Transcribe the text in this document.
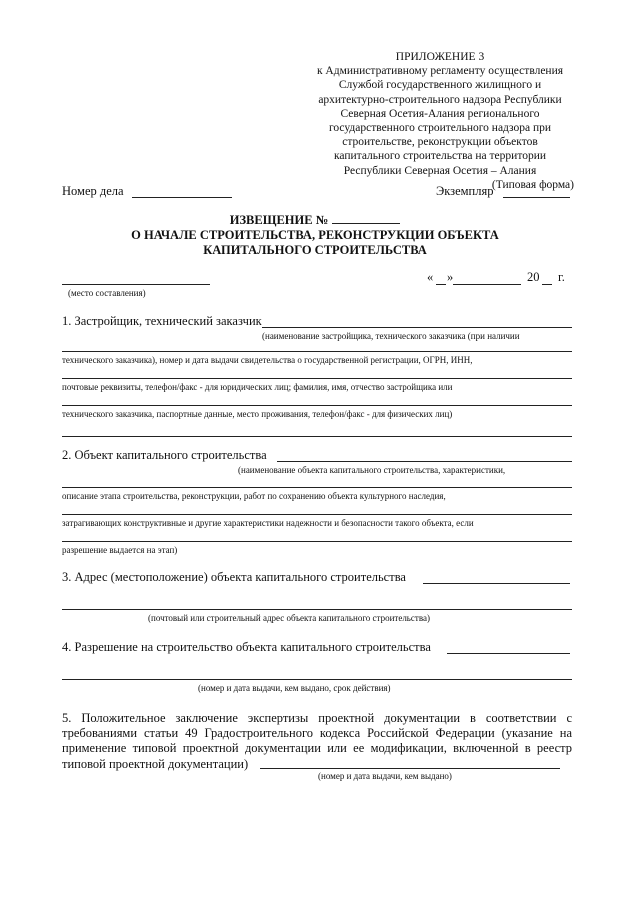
ПРИЛОЖЕНИЕ 3
к Административному регламенту осуществления
Службой государственного жилищного и
архитектурно-строительного надзора Республики
Северная Осетия-Алания регионального
государственного строительного надзора при
строительстве, реконструкции объектов
капитального строительства на территории
Республики Северная Осетия – Алания
(Типовая форма)
Номер дела	Экземпляр
ИЗВЕЩЕНИЕ №
О НАЧАЛЕ СТРОИТЕЛЬСТВА, РЕКОНСТРУКЦИИ ОБЪЕКТА
КАПИТАЛЬНОГО СТРОИТЕЛЬСТВА
(место составления)
« »	20 г.
1. Застройщик, технический заказчик
(наименование застройщика, технического заказчика (при наличии
технического заказчика), номер и дата выдачи свидетельства о государственной регистрации, ОГРН, ИНН,
почтовые реквизиты, телефон/факс - для юридических лиц; фамилия, имя, отчество застройщика или
технического заказчика, паспортные данные, место проживания, телефон/факс - для физических лиц)
2. Объект капитального строительства
(наименование объекта капитального строительства, характеристики,
описание этапа строительства, реконструкции, работ по сохранению объекта культурного наследия,
затрагивающих конструктивные и другие характеристики надежности и безопасности такого объекта, если
разрешение выдается на этап)
3. Адрес (местоположение) объекта капитального строительства
(почтовый или строительный адрес объекта капитального строительства)
4. Разрешение на строительство объекта капитального строительства
(номер и дата выдачи, кем выдано, срок действия)
5. Положительное заключение экспертизы проектной документации в соответствии с
требованиями статьи 49 Градостроительного кодекса Российской Федерации (указание на
применение типовой проектной документации или ее модификации, включенной в реестр
типовой проектной документации)
(номер и дата выдачи, кем выдано)
